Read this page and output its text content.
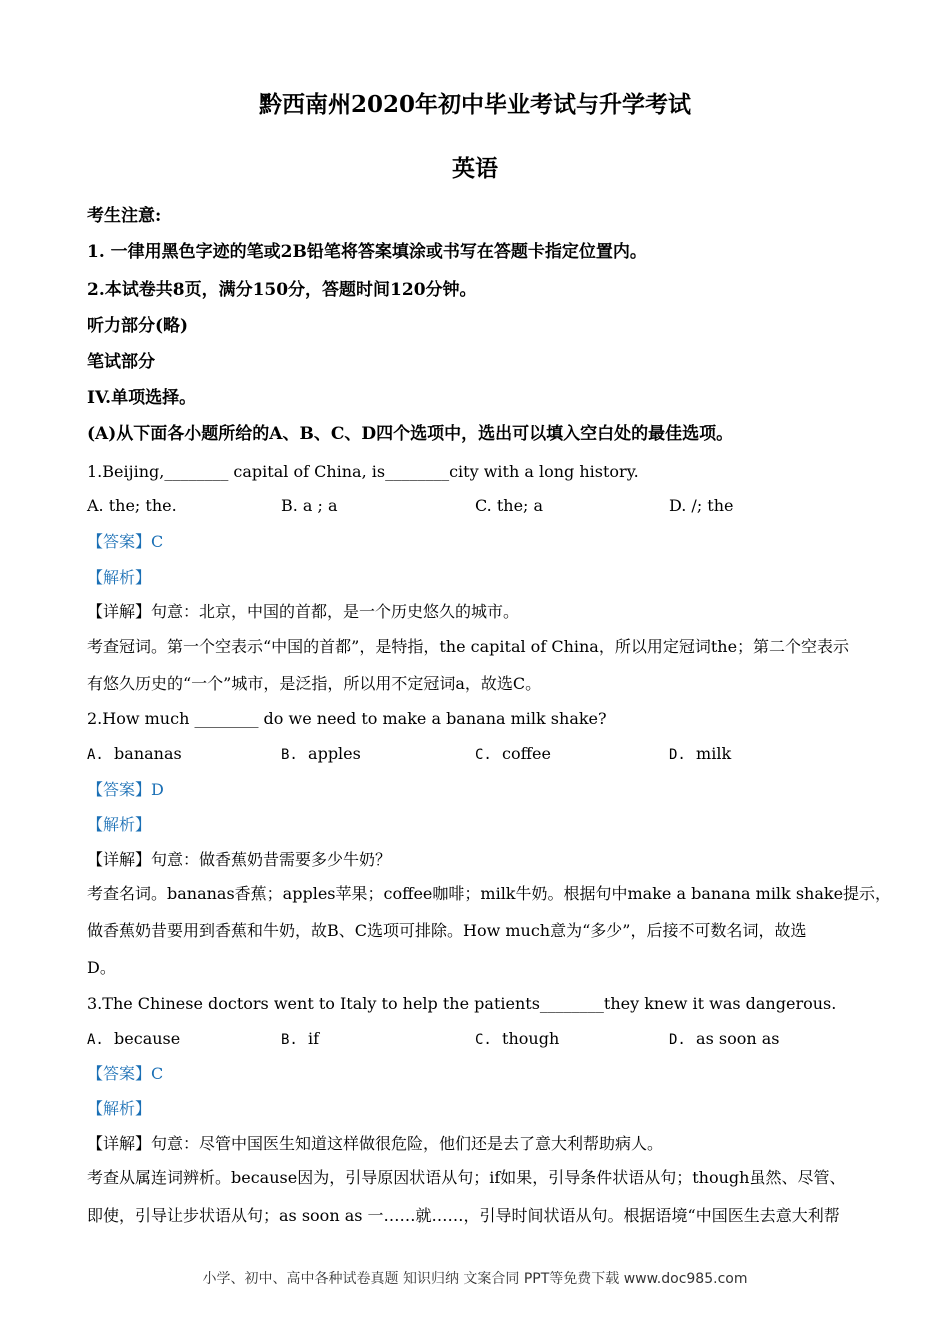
黔西南州2020年初中毕业考试与升学考试
英语
考生注意:
1. 一律用黑色字迹的笔或2B铅笔将答案填涂或书写在答题卡指定位置内。
2.本试卷共8页，满分150分，答题时间120分钟。
听力部分(略)
笔试部分
IV.单项选择。
(A)从下面各小题所给的A、B、C、D四个选项中，选出可以填入空白处的最佳选项。
1.Beijing,________ capital of China, is________city with a long history.
A. the; the.	B. a ; a	C. the; a	D. /; the
【答案】C
【解析】
【详解】句意：北京，中国的首都，是一个历史悠久的城市。
考查冠词。第一个空表示“中国的首都”，是特指，the capital of China，所以用定冠词the；第二个空表示
有悠久历史的“一个”城市，是泛指，所以用不定冠词a，故选C。
2.How much ________ do we need to make a banana milk shake?
A. bananas	B. apples	C. coffee	D. milk
【答案】D
【解析】
【详解】句意：做香蕉奶昔需要多少牛奶？
考查名词。bananas香蕉；apples苹果；coffee咖啡；milk牛奶。根据句中make a banana milk shake提示，
做香蕉奶昔要用到香蕉和牛奶，故B、C选项可排除。How much意为“多少”，后接不可数名词，故选
D。
3.The Chinese doctors went to Italy to help the patients________they knew it was dangerous.
A. because	B. if	C. though	D. as soon as
【答案】C
【解析】
【详解】句意：尽管中国医生知道这样做很危险，他们还是去了意大利帮助病人。
考查从属连词辨析。because因为，引导原因状语从句；if如果，引导条件状语从句；though虽然、尽管、
即使，引导让步状语从句；as soon as 一……就……，引导时间状语从句。根据语境“中国医生去意大利帮
小学、初中、高中各种试卷真题 知识归纳 文案合同 PPT等免费下载 www.doc985.com
